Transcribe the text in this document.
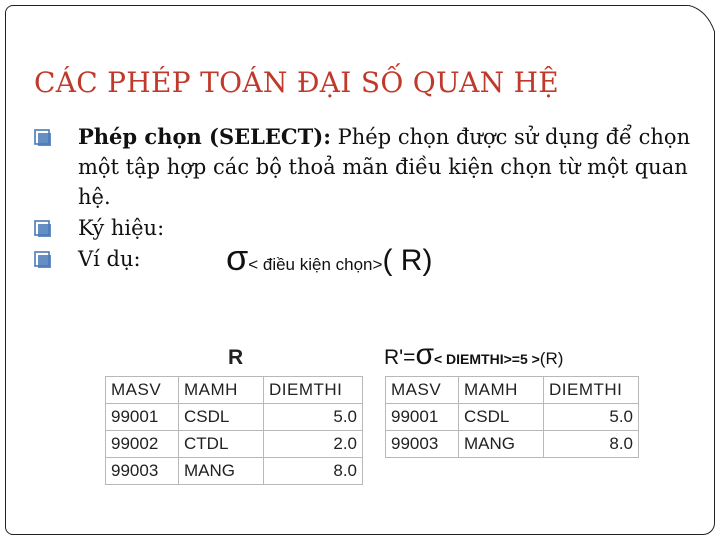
CÁC PHÉP TOÁN ĐẠI SỐ QUAN HỆ
Phép chọn (SELECT): Phép chọn được sử dụng để chọn một tập hợp các bộ thoả mãn điều kiện chọn từ một quan hệ.
Ký hiệu:
Ví dụ:	σ< điều kiện chọn>( R)
R	R'=σ< DIEMTHI>=5 >(R)
MASV	MAMH	DIEMTHI
99001	CSDL	5.0
99002	CTDL	2.0
99003	MANG	8.0
MASV	MAMH	DIEMTHI
99001	CSDL	5.0
99003	MANG	8.0
